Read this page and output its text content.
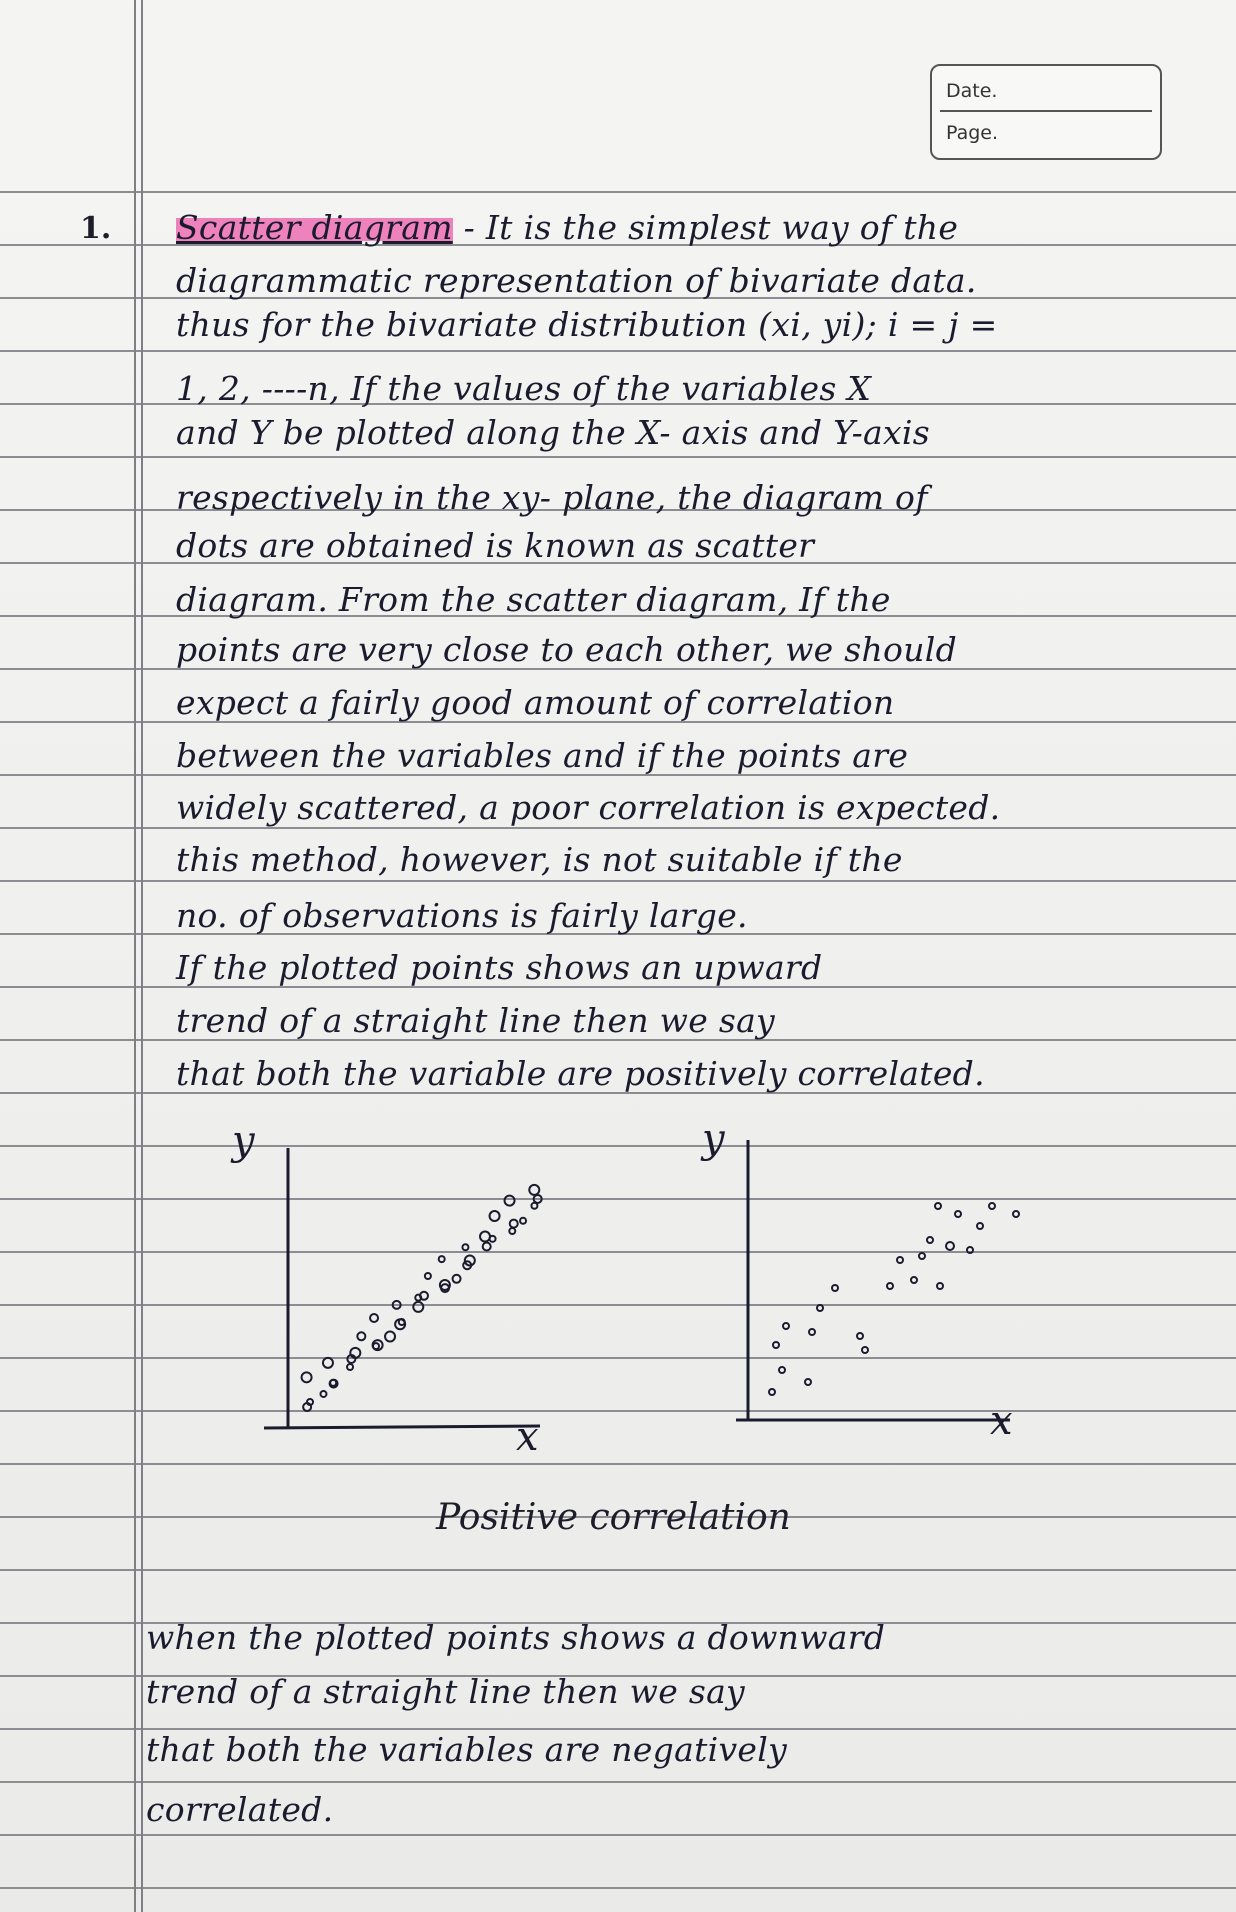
Date.
Page.
1. Scatter diagram - It is the simplest way of the
diagrammatic representation of bivariate data.
thus for the bivariate distribution (xi, yi); i = j =
1, 2, ----n, If the values of the variables X
and Y be plotted along the X- axis and Y-axis
respectively in the xy- plane, the diagram of
dots are obtained is known as scatter
diagram. From the scatter diagram, If the
points are very close to each other, we should
expect a fairly good amount of correlation
between the variables and if the points are
widely scattered, a poor correlation is expected.
this method, however, is not suitable if the
no. of observations is fairly large.
If the plotted points shows an upward
trend of a straight line then we say
that both the variable are positively correlated.
y
x
y
x
Positive correlation
when the plotted points shows a downward
trend of a straight line then we say
that both the variables are negatively
correlated.
